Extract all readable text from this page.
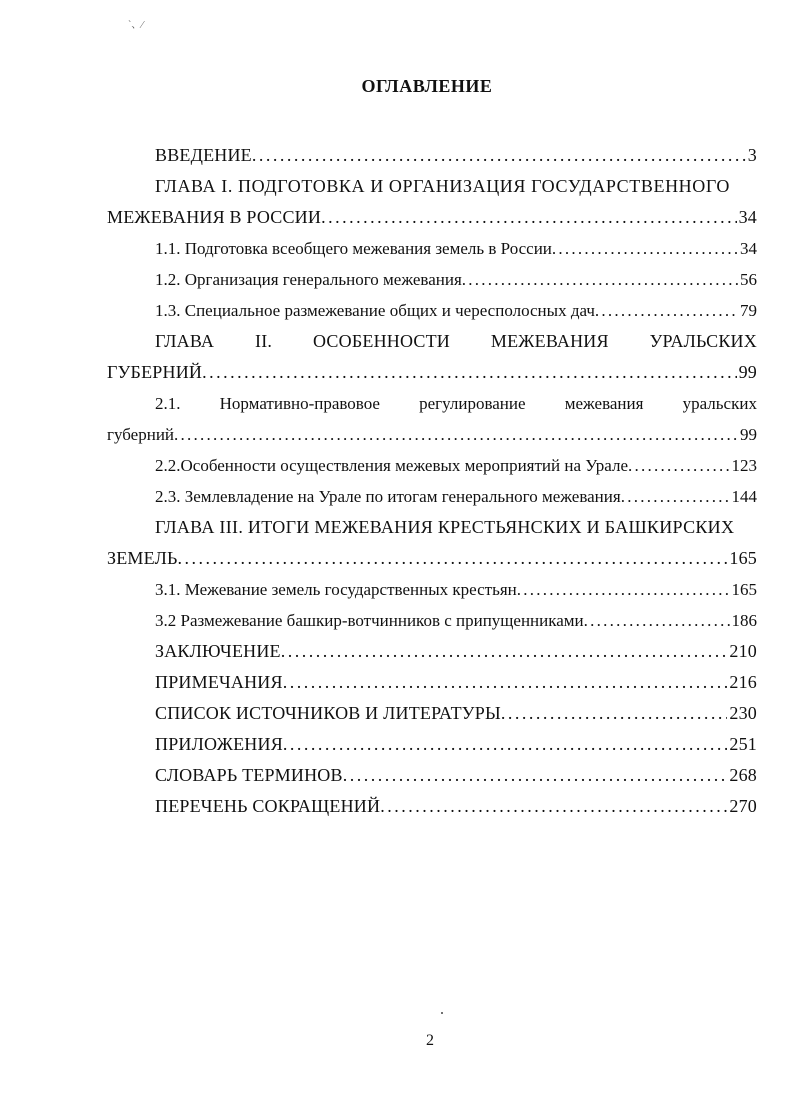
`、⁄
ОГЛАВЛЕНИЕ
ВВЕДЕНИЕ . . .	3
ГЛАВА I. ПОДГОТОВКА И ОРГАНИЗАЦИЯ ГОСУДАРСТВЕННОГО
МЕЖЕВАНИЯ В РОССИИ . . .	34
1.1. Подготовка всеобщего межевания земель в России . . .	34
1.2. Организация генерального межевания . . .	56
1.3. Специальное размежевание общих и чересполосных дач . . .	79
ГЛАВА II. ОСОБЕННОСТИ МЕЖЕВАНИЯ УРАЛЬСКИХ
ГУБЕРНИЙ . . .	99
2.1. Нормативно-правовое регулирование межевания уральских
губерний . . .	99
2.2.Особенности осуществления межевых мероприятий на Урале . . .	123
2.3. Землевладение на Урале по итогам генерального межевания . . .	144
ГЛАВА III. ИТОГИ МЕЖЕВАНИЯ КРЕСТЬЯНСКИХ И БАШКИРСКИХ
ЗЕМЕЛЬ . . .	165
3.1. Межевание земель государственных крестьян . . .	165
3.2 Размежевание башкир-вотчинников с припущенниками . . .	186
ЗАКЛЮЧЕНИЕ . . .	210
ПРИМЕЧАНИЯ . . .	216
СПИСОК ИСТОЧНИКОВ И ЛИТЕРАТУРЫ . . .	230
ПРИЛОЖЕНИЯ . . .	251
СЛОВАРЬ ТЕРМИНОВ . . .	268
ПЕРЕЧЕНЬ СОКРАЩЕНИЙ . . .	270
2
